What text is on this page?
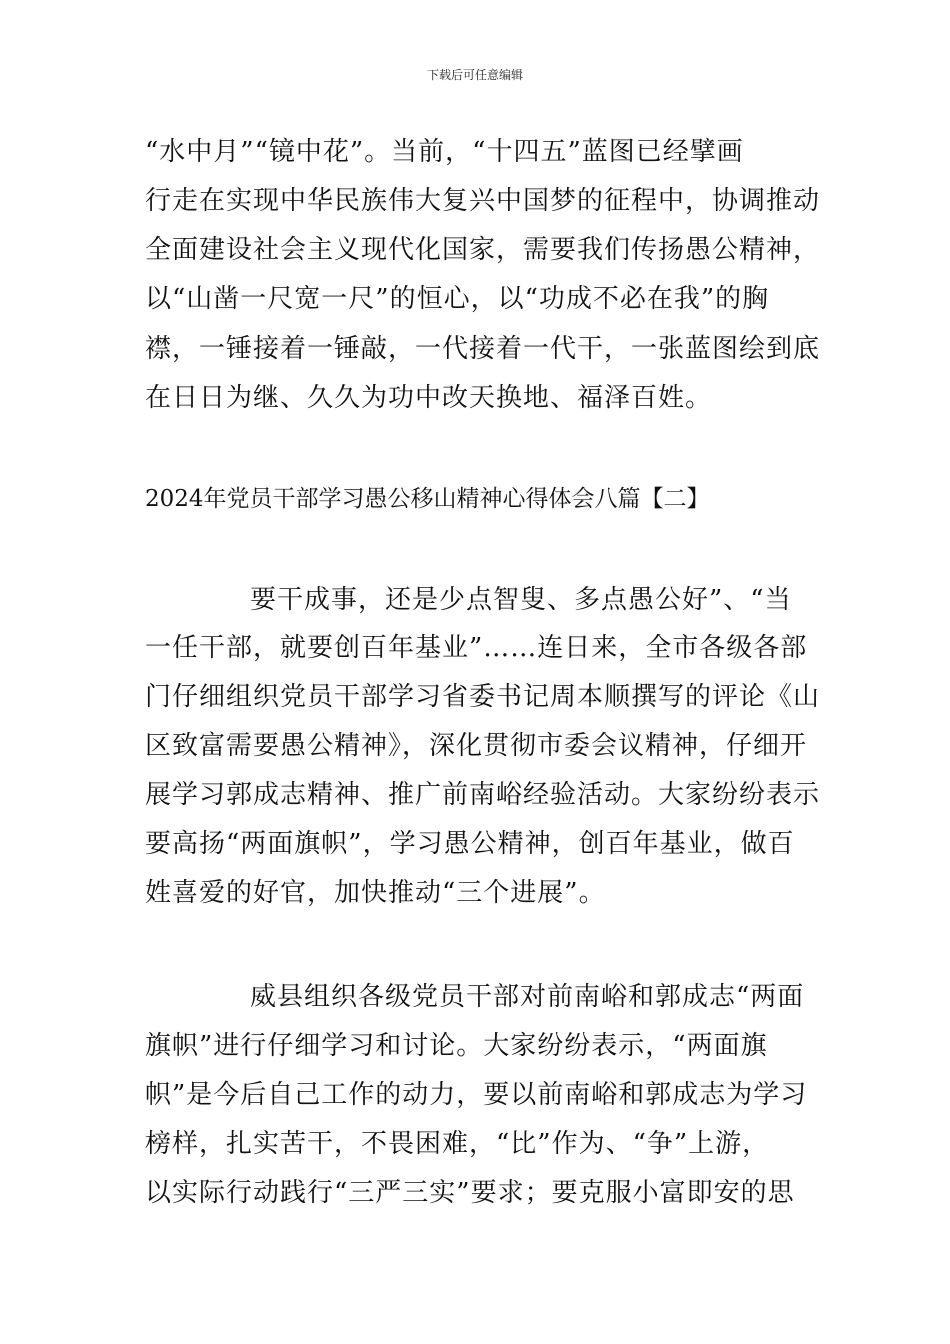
下载后可任意编辑
“水中月”“镜中花”。当前，“十四五”蓝图已经擘画
行走在实现中华民族伟大复兴中国梦的征程中，协调推动
全面建设社会主义现代化国家，需要我们传扬愚公精神，
以“山凿一尺宽一尺”的恒心，以“功成不必在我”的胸
襟，一锤接着一锤敲，一代接着一代干，一张蓝图绘到底
在日日为继、久久为功中改天换地、福泽百姓。
2024年党员干部学习愚公移山精神心得体会八篇【二】
要干成事，还是少点智叟、多点愚公好”、“当
一任干部，就要创百年基业”……连日来，全市各级各部
门仔细组织党员干部学习省委书记周本顺撰写的评论《山
区致富需要愚公精神》，深化贯彻市委会议精神，仔细开
展学习郭成志精神、推广前南峪经验活动。大家纷纷表示
要高扬“两面旗帜”，学习愚公精神，创百年基业，做百
姓喜爱的好官，加快推动“三个进展”。
威县组织各级党员干部对前南峪和郭成志“两面
旗帜”进行仔细学习和讨论。大家纷纷表示，“两面旗
帜”是今后自己工作的动力，要以前南峪和郭成志为学习
榜样，扎实苦干，不畏困难，“比”作为、“争”上游，
以实际行动践行“三严三实”要求；要克服小富即安的思
